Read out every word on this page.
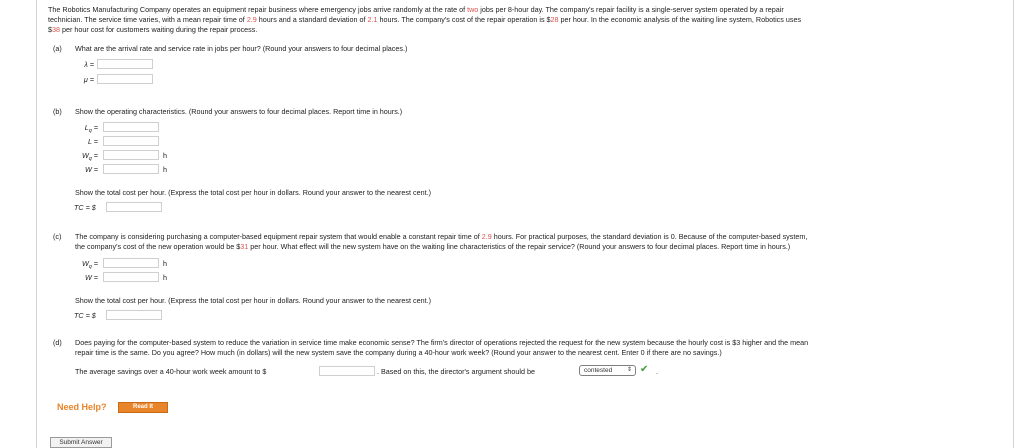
The Robotics Manufacturing Company operates an equipment repair business where emergency jobs arrive randomly at the rate of two jobs per 8-hour day. The company's repair facility is a single-server system operated by a repair
technician. The service time varies, with a mean repair time of 2.9 hours and a standard deviation of 2.1 hours. The company's cost of the repair operation is $28 per hour. In the economic analysis of the waiting line system, Robotics uses
$38 per hour cost for customers waiting during the repair process.
(a) What are the arrival rate and service rate in jobs per hour? (Round your answers to four decimal places.)
λ =
μ =
(b) Show the operating characteristics. (Round your answers to four decimal places. Report time in hours.)
$L_q$ =
L =
$W_q$ =	h
W =	h
Show the total cost per hour. (Express the total cost per hour in dollars. Round your answer to the nearest cent.)
TC = $
(c) The company is considering purchasing a computer-based equipment repair system that would enable a constant repair time of 2.9 hours. For practical purposes, the standard deviation is 0. Because of the computer-based system,
the company's cost of the new operation would be $31 per hour. What effect will the new system have on the waiting line characteristics of the repair service? (Round your answers to four decimal places. Report time in hours.)
$W_q$ =	h
W =	h
Show the total cost per hour. (Express the total cost per hour in dollars. Round your answer to the nearest cent.)
TC = $
(d) Does paying for the computer-based system to reduce the variation in service time make economic sense? The firm's director of operations rejected the request for the new system because the hourly cost is $3 higher and the mean
repair time is the same. Do you agree? How much (in dollars) will the new system save the company during a 40-hour work week? (Round your answer to the nearest cent. Enter 0 if there are no savings.)
The average savings over a 40-hour work week amount to $	. Based on this, the director's argument should be	contested ⇕ ✔ .
Need Help?	Read It
Submit Answer
